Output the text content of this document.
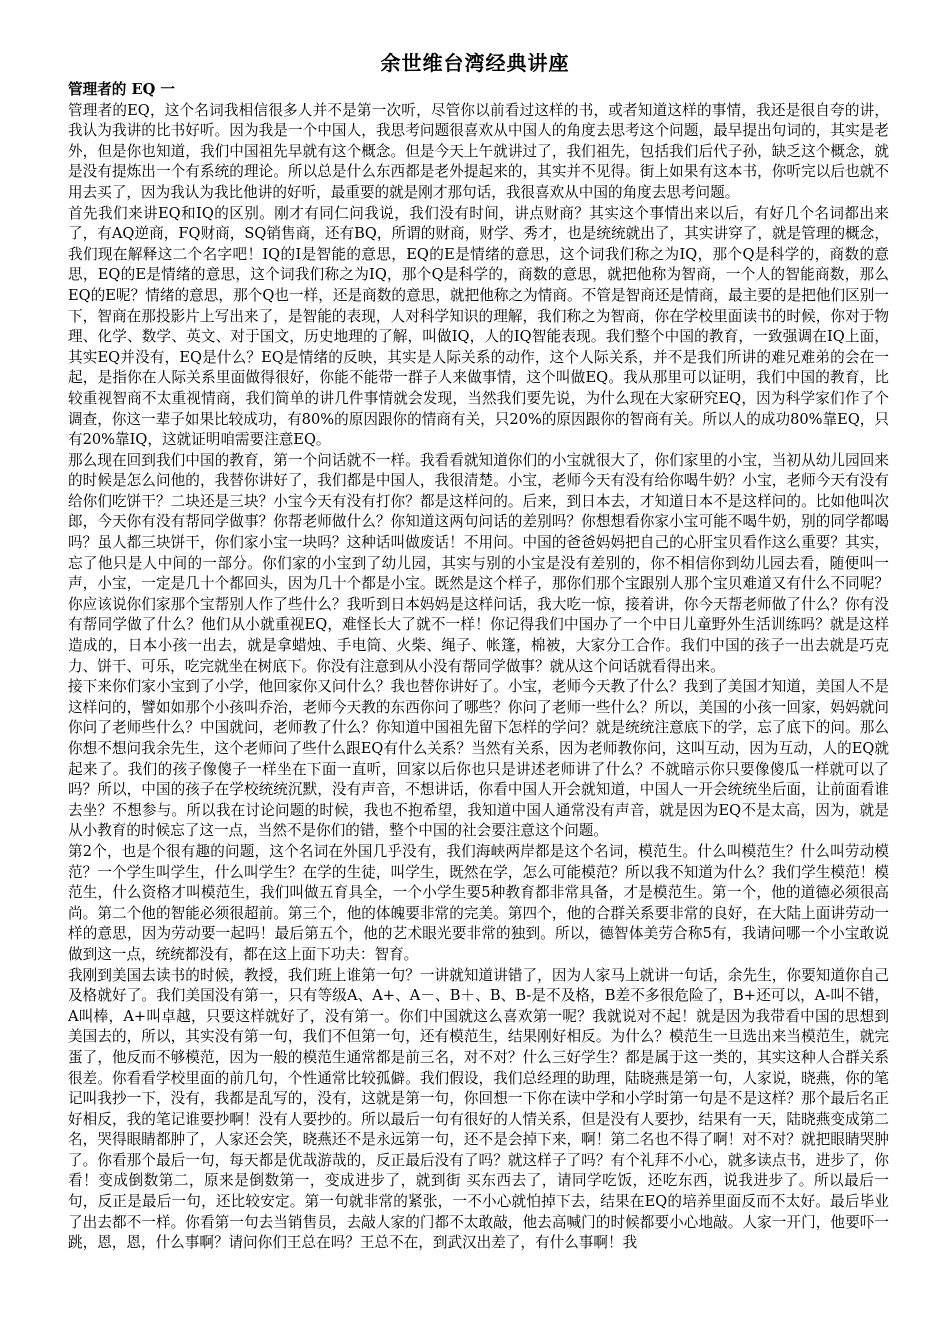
余世维台湾经典讲座

管理者的 EQ 一

管理者的EQ，这个名词我相信很多人并不是第一次听，尽管你以前看过这样的书，或者知道这样的事情，我还是很自夸的讲，我认为我讲的比书好听。因为我是一个中国人，我思考问题很喜欢从中国人的角度去思考这个问题，最早提出句词的，其实是老外，但是你也知道，我们中国祖先早就有这个概念。但是今天上午就讲过了，我们祖先，包括我们后代子孙，缺乏这个概念，就是没有提炼出一个有系统的理论。所以总是什么东西都是老外提起来的，其实并不见得。街上如果有这本书，你听完以后也就不用去买了，因为我认为我比他讲的好听，最重要的就是刚才那句话，我很喜欢从中国的角度去思考问题。

首先我们来讲EQ和IQ的区别。刚才有同仁问我说，我们没有时间，讲点财商？其实这个事情出来以后，有好几个名词都出来了，有AQ逆商，FQ财商，SQ销售商，还有BQ，所谓的财商，财学、秀才，也是统统就出了，其实讲穿了，就是管理的概念，我们现在解释这二个名字吧！IQ的I是智能的意思，EQ的E是情绪的意思，这个词我们称之为IQ，那个Q是科学的，商数的意思，EQ的E是情绪的意思，这个词我们称之为IQ，那个Q是科学的，商数的意思，就把他称为智商，一个人的智能商数，那么EQ的E呢？情绪的意思，那个Q也一样，还是商数的意思，就把他称之为情商。不管是智商还是情商，最主要的是把他们区别一下，智商在那投影片上写出来了，是智能的表现，人对科学知识的理解，我们称之为智商，你在学校里面读书的时候，你对于物理、化学、数学、英文、对于国文，历史地理的了解，叫做IQ，人的IQ智能表现。我们整个中国的教育，一致强调在IQ上面，其实EQ并没有，EQ是什么？EQ是情绪的反映，其实是人际关系的动作，这个人际关系，并不是我们所讲的难兄难弟的会在一起，是指你在人际关系里面做得很好，你能不能带一群子人来做事情，这个叫做EQ。我从那里可以证明，我们中国的教育，比较重视智商不太重视情商，我们简单的讲几件事情就会发现，当然我们要先说，为什么现在大家研究EQ，因为科学家们作了个调查，你这一辈子如果比较成功，有80%的原因跟你的情商有关，只20%的原因跟你的智商有关。所以人的成功80%靠EQ，只有20%靠IQ，这就证明咱需要注意EQ。

那么现在回到我们中国的教育，第一个问话就不一样。我看看就知道你们的小宝就很大了，你们家里的小宝，当初从幼儿园回来的时候是怎么问他的，我替你讲好了，我们都是中国人，我很清楚。小宝，老师今天有没有给你喝牛奶？小宝，老师今天有没有给你们吃饼干？二块还是三块？小宝今天有没有打你？都是这样问的。后来，到日本去，才知道日本不是这样问的。比如他叫次郎，今天你有没有帮同学做事？你帮老师做什么？你知道这两句问话的差别吗？你想想看你家小宝可能不喝牛奶，别的同学都喝吗？虽人都三块饼干，你们家小宝一块吗？这种话叫做废话！不用问。中国的爸爸妈妈把自己的心肝宝贝看作这么重要？其实，忘了他只是人中间的一部分。你们家的小宝到了幼儿园，其实与别的小宝是没有差别的，你不相信你到幼儿园去看，随便叫一声，小宝，一定是几十个都回头，因为几十个都是小宝。既然是这个样子，那你们那个宝跟别人那个宝贝难道又有什么不同呢？你应该说你们家那个宝帮别人作了些什么？我听到日本妈妈是这样问话，我大吃一惊，接着讲，你今天帮老师做了什么？你有没有帮同学做了什么？他们从小就重视EQ，难怪长大了就不一样！你记得我们中国办了一个中日儿童野外生活训练吗？就是这样造成的，日本小孩一出去，就是拿蜡烛、手电筒、火柴、绳子、帐篷，棉被，大家分工合作。我们中国的孩子一出去就是巧克力、饼干、可乐，吃完就坐在树底下。你没有注意到从小没有帮同学做事？就从这个问话就看得出来。

接下来你们家小宝到了小学，他回家你又问什么？我也替你讲好了。小宝，老师今天教了什么？我到了美国才知道，美国人不是这样问的，譬如如那个小孩叫乔治，老师今天教的东西你问了哪些？你问了老师一些什么？所以，美国的小孩一回家，妈妈就问你问了老师些什么？中国就问，老师教了什么？你知道中国祖先留下怎样的学问？就是统统注意底下的学，忘了底下的问。那么你想不想问我余先生，这个老师问了些什么跟EQ有什么关系？当然有关系，因为老师教你问，这叫互动，因为互动，人的EQ就起来了。我们的孩子像傻子一样坐在下面一直听，回家以后你也只是讲述老师讲了什么？不就暗示你只要像傻瓜一样就可以了吗？所以，中国的孩子在学校统统沉默，没有声音，不想讲话，你看中国人开会就知道，中国人一开会统统坐后面，让前面看谁去坐？不想参与。所以我在讨论问题的时候，我也不抱希望，我知道中国人通常没有声音，就是因为EQ不是太高，因为，就是从小教育的时候忘了这一点，当然不是你们的错，整个中国的社会要注意这个问题。

第2个，也是个很有趣的问题，这个名词在外国几乎没有，我们海峡两岸都是这个名词，模范生。什么叫模范生？什么叫劳动模范？一个学生叫学生，什么叫学生？在学的生徒，叫学生，既然在学，怎么可能模范？所以我不知道为什么？我们学生模范！模范生，什么资格才叫模范生，我们叫做五育具全，一个小学生要5种教育都非常具备，才是模范生。第一个，他的道德必须很高尚。第二个他的智能必须很超前。第三个，他的体魄要非常的完美。第四个，他的合群关系要非常的良好，在大陆上面讲劳动一样的意思，因为劳动要一起吗！最后第五个，他的艺术眼光要非常的独到。所以，德智体美劳合称5有，我请问哪一个小宝敢说做到这一点，统统都没有，都在这上面下功夫：智育。

我刚到美国去读书的时候，教授，我们班上谁第一句？一讲就知道讲错了，因为人家马上就讲一句话，余先生，你要知道你自己及格就好了。我们美国没有第一，只有等级A、A+、A－、B＋、B、B-是不及格，B差不多很危险了，B+还可以，A-叫不错，A叫棒，A+叫卓越，只要这样就好了，没有第一。你们中国就这么喜欢第一呢？我就说对不起！就是因为我带看中国的思想到美国去的，所以，其实没有第一句，我们不但第一句，还有模范生，结果刚好相反。为什么？模范生一旦选出来当模范生，就完蛋了，他反而不够模范，因为一般的模范生通常都是前三名，对不对？什么三好学生？都是属于这一类的，其实这种人合群关系很差。你看看学校里面的前几句，个性通常比较孤僻。我们假设，我们总经理的助理，陆晓燕是第一句，人家说，晓燕，你的笔记叫我抄一下，没有，我都是乱写的，没有，这就是第一句，你回想一下你在读中学和小学时第一句是不是这样？那个最后名正好相反，我的笔记谁要抄啊！没有人要抄的。所以最后一句有很好的人情关系，但是没有人要抄，结果有一天，陆晓燕变成第二名，哭得眼睛都肿了，人家还会笑，晓燕还不是永远第一句，还不是会掉下来，啊！第二名也不得了啊！对不对？就把眼睛哭肿了。你看那个最后一句，每天都是优哉游哉的，反正最后没有了吗？就这样子了吗？有个礼拜不小心，就多读点书，进步了，你看！变成倒数第二，原来是倒数第一，变成进步了，就到街 买东西去了，请同学吃饭，还吃东西，说我进步了。所以最后一句，反正是最后一句，还比较安定。第一句就非常的紧张，一不小心就怕掉下去，结果在EQ的培养里面反而不太好。最后毕业了出去都不一样。你看第一句去当销售员，去敲人家的门都不太敢敲，他去高喊门的时候都要小心地敲。人家一开门，他要吓一跳，恩，恩，什么事啊？请问你们王总在吗？王总不在，到武汉出差了，有什么事啊！我
